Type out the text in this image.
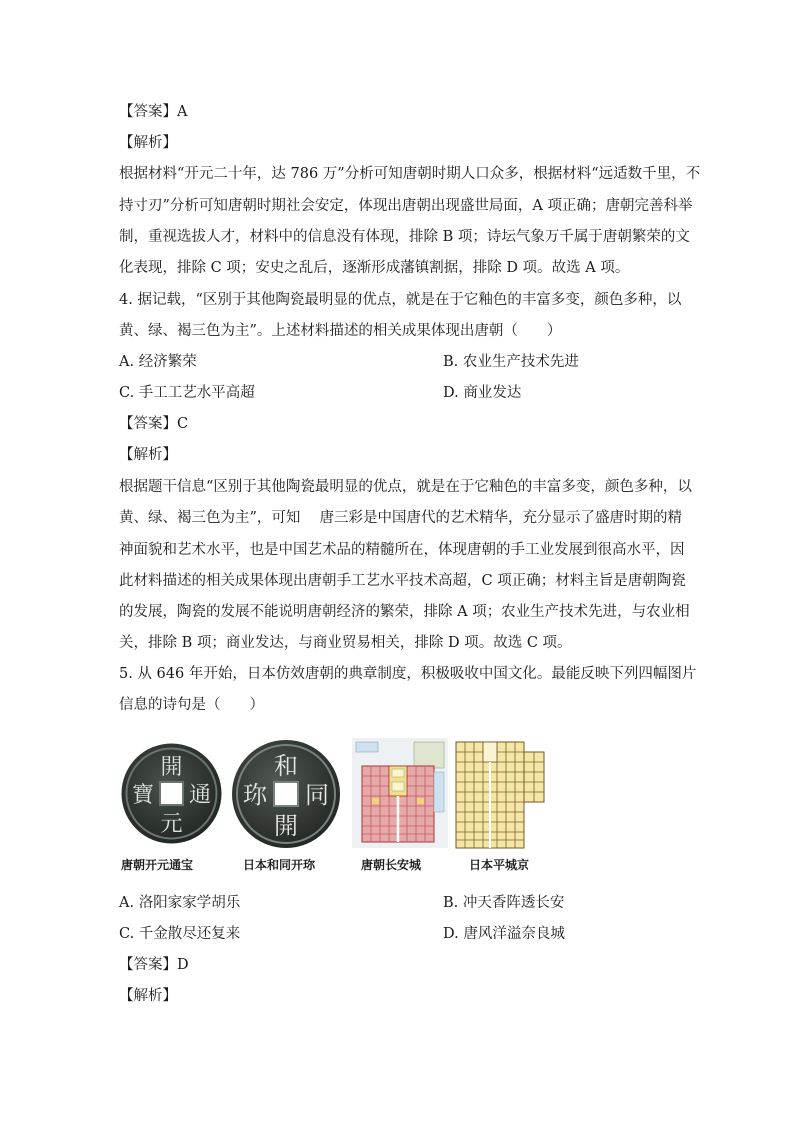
【答案】A
【解析】
根据材料“开元二十年，达 786 万”分析可知唐朝时期人口众多，根据材料“远适数千里，不
持寸刃”分析可知唐朝时期社会安定，体现出唐朝出现盛世局面，A 项正确；唐朝完善科举
制，重视选拔人才，材料中的信息没有体现，排除 B 项；诗坛气象万千属于唐朝繁荣的文
化表现，排除 C 项；安史之乱后，逐渐形成藩镇割据，排除 D 项。故选 A 项。
4. 据记载，“区别于其他陶瓷最明显的优点，就是在于它釉色的丰富多变，颜色多种，以
黄、绿、褐三色为主”。上述材料描述的相关成果体现出唐朝（　　）
A. 经济繁荣	B. 农业生产技术先进
C. 手工工艺水平高超	D. 商业发达
【答案】C
【解析】
根据题干信息“区别于其他陶瓷最明显的优点，就是在于它釉色的丰富多变，颜色多种，以
黄、绿、褐三色为主”，可知　 唐三彩是中国唐代的艺术精华，充分显示了盛唐时期的精
神面貌和艺术水平，也是中国艺术品的精髓所在，体现唐朝的手工业发展到很高水平，因
此材料描述的相关成果体现出唐朝手工艺水平技术高超，C 项正确；材料主旨是唐朝陶瓷
的发展，陶瓷的发展不能说明唐朝经济的繁荣，排除 A 项；农业生产技术先进，与农业相
关，排除 B 项；商业发达，与商业贸易相关，排除 D 项。故选 C 项。
5. 从 646 年开始，日本仿效唐朝的典章制度，积极吸收中国文化。最能反映下列四幅图片
信息的诗句是（　　）
開
元
寶 通
唐朝开元通宝
和
開
珎 同
日本和同开珎	唐朝长安城	日本平城京
A. 洛阳家家学胡乐	B. 冲天香阵透长安
C. 千金散尽还复来	D. 唐风洋溢奈良城
【答案】D
【解析】
